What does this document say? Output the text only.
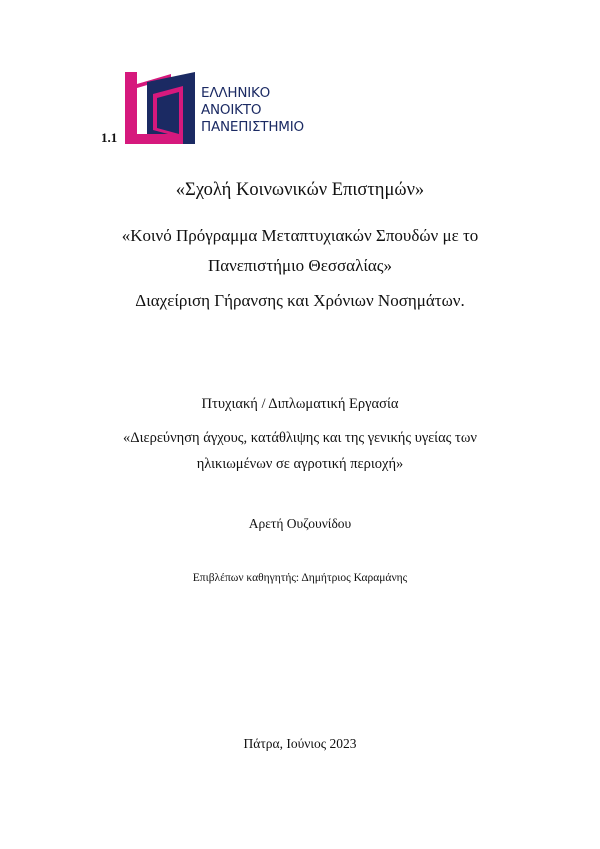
1.1
ΕΛΛΗΝΙΚΟ
ΑΝΟΙΚΤΟ
ΠΑΝΕΠΙΣΤΗΜΙΟ
«Σχολή Κοινωνικών Επιστημών»
«Κοινό Πρόγραμμα Μεταπτυχιακών Σπουδών με το
Πανεπιστήμιο Θεσσαλίας»
Διαχείριση Γήρανσης και Χρόνιων Νοσημάτων.
Πτυχιακή / Διπλωματική Εργασία
«Διερεύνηση άγχους, κατάθλιψης και της γενικής υγείας των
ηλικιωμένων σε αγροτική περιοχή»
Αρετή Ουζουνίδου
Επιβλέπων καθηγητής: Δημήτριος Καραμάνης
Πάτρα, Ιούνιος 2023
